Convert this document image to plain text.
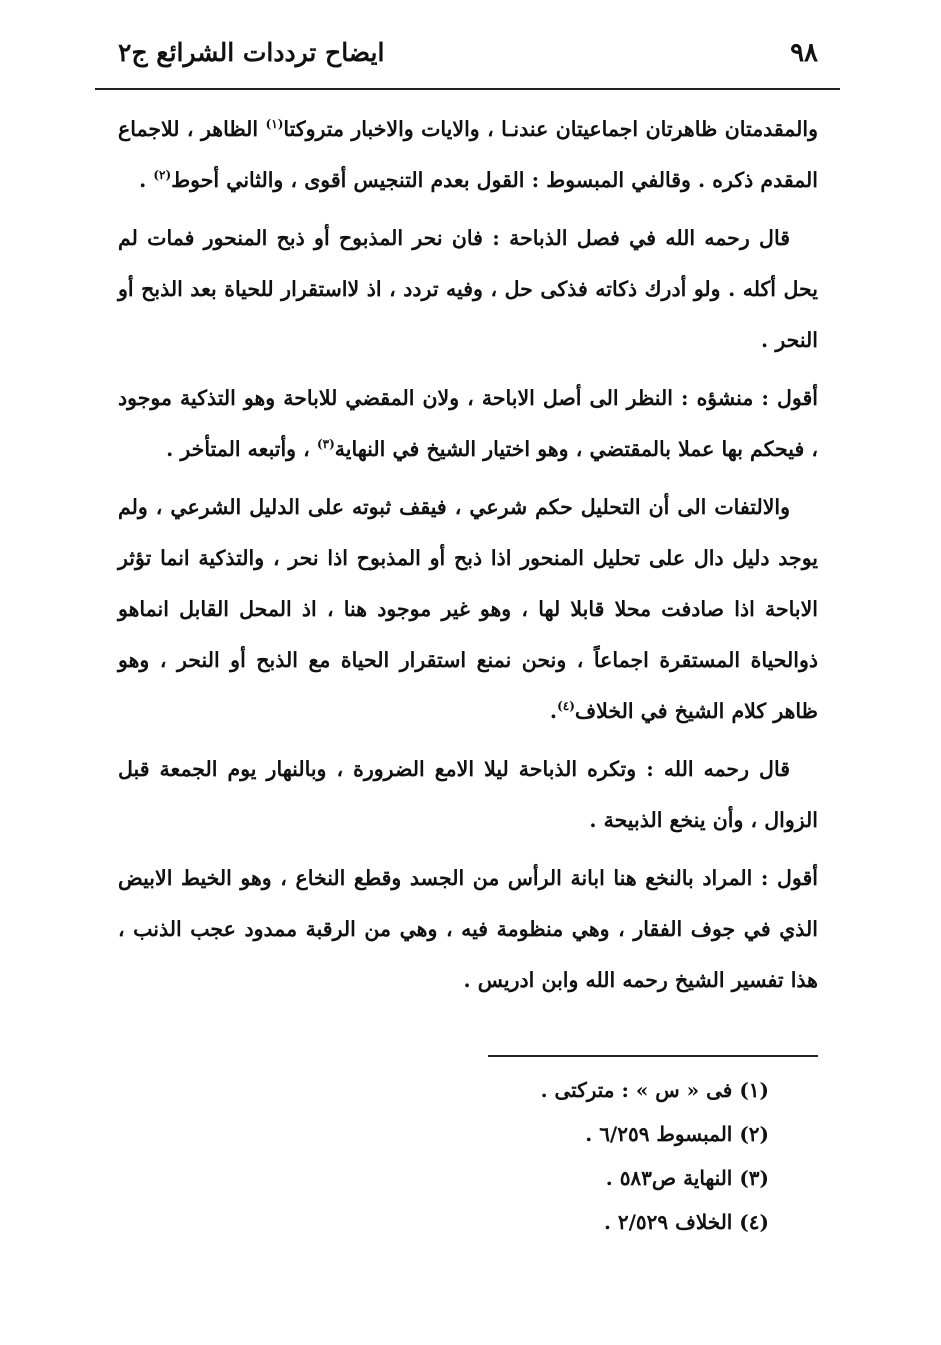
٩٨
ايضاح ترددات الشرائع ج٢

والمقدمتان ظاهرتان اجماعيتان عندنـا ، والايات والاخبار متروكتا$^{(١)}$ الظاهر ، للاجماع المقدم ذكره . وقالفي المبسوط : القول بعدم التنجيس أقوى ، والثاني أحوط$^{(٢)}$ .

قال رحمه الله في فصل الذباحة : فان نحر المذبوح أو ذبح المنحور فمات لم يحل أكله . ولو أدرك ذكاته فذكى حل ، وفيه تردد ، اذ لااستقرار للحياة بعد الذبح أو النحر .

أقول : منشؤه : النظر الى أصل الاباحة ، ولان المقضي للاباحة وهو التذكية موجود ، فيحكم بها عملا بالمقتضي ، وهو اختيار الشيخ في النهاية$^{(٣)}$ ، وأتبعه المتأخر .

والالتفات الى أن التحليل حكم شرعي ، فيقف ثبوته على الدليل الشرعي ، ولم يوجد دليل دال على تحليل المنحور اذا ذبح أو المذبوح اذا نحر ، والتذكية انما تؤثر الاباحة اذا صادفت محلا قابلا لها ، وهو غير موجود هنا ، اذ المحل القابل انماهو ذوالحياة المستقرة اجماعاً ، ونحن نمنع استقرار الحياة مع الذبح أو النحر ، وهو ظاهر كلام الشيخ في الخلاف$^{(٤)}$.

قال رحمه الله : وتكره الذباحة ليلا الامع الضرورة ، وبالنهار يوم الجمعة قبل الزوال ، وأن ينخع الذبيحة .

أقول : المراد بالنخع هنا ابانة الرأس من الجسد وقطع النخاع ، وهو الخيط الابيض الذي في جوف الفقار ، وهي منظومة فيه ، وهي من الرقبة ممدود عجب الذنب ، هذا تفسير الشيخ رحمه الله وابن ادريس .

(١) فى « س » : متركتى .
(٢) المبسوط ٦/٢٥٩ .
(٣) النهاية ص٥٨٣ .
(٤) الخلاف ٢/٥٢٩ .
